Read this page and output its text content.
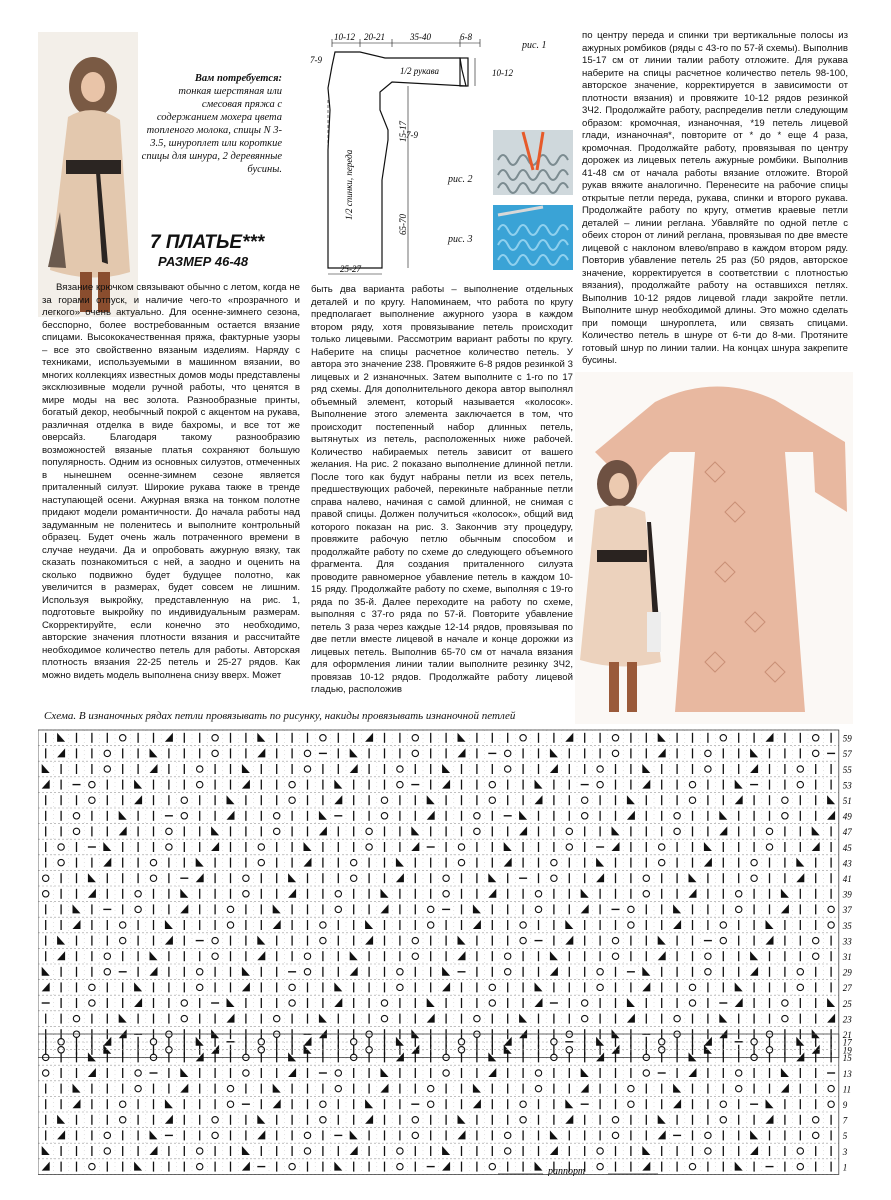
Вам потребуется:
тонкая шерстяная или смесовая пряжа с содержанием мохера цвета топленого молока, спицы N 3-3.5, шнуроплет или короткие спицы для шнура, 2 деревянные бусины.
7 ПЛАТЬЕ***
РАЗМЕР 46-48
10-12 20-21	35-40	6-8
7-9
10-12
1/2 рукава
15-17
7-9
65-70
1/2 спинки, переда
25-27
рис. 1
рис. 2
рис. 3

Вязание крючком связывают обычно с летом, когда не за горами отпуск, и наличие чего-то «прозрачного и легкого» очень актуально. Для осенне-зимнего сезона, бесспорно, более востребованным остается вязание спицами. Высококачественная пряжа, фактурные узоры – все это свойственно вязаным изделиям. Наряду с техниками, используемыми в машинном вязании, во многих коллекциях известных домов моды представлены эксклюзивные модели ручной работы, что ценятся в мире моды на вес золота. Разнообразные принты, богатый декор, необычный покрой с акцентом на рукава, различная отделка в виде бахромы, и все тот же оверсайз. Благодаря такому разнообразию возможностей вязаные платья сохраняют большую популярность. Одним из основных силуэтов, отмеченных в нынешнем осенне-зимнем сезоне является приталенный силуэт. Широкие рукава также в тренде наступающей осени. Ажурная вязка на тонком полотне придают модели романтичности. До начала работы над задуманным не поленитесь и выполните контрольный образец. Будет очень жаль потраченного времени в случае неудачи. Да и опробовать ажурную вязку, так сказать познакомиться с ней, а заодно и оценить на сколько подвижно будет будущее полотно, как увеличится в размерах, будет совсем не лишним. Используя выкройку, представленную на рис. 1, подготовьте выкройку по индивидуальным размерам. Скорректируйте, если конечно это необходимо, авторские значения плотности вязания и рассчитайте необходимое количество петель для работы. Авторская плотность вязания 22-25 петель и 25-27 рядов. Как можно видеть модель выполнена снизу вверх. Может

быть два варианта работы – выполнение отдельных деталей и по кругу. Напоминаем, что работа по кругу предполагает выполнение ажурного узора в каждом втором ряду, хотя провязывание петель происходит только лицевыми. Рассмотрим вариант работы по кругу. Наберите на спицы расчетное количество петель. У автора это значение 238. Провяжите 6-8 рядов резинкой 3 лицевых и 2 изнаночных. Затем выполните с 1-го по 17 ряд схемы. Для дополнительного декора автор выполнял объемный элемент, который называется «колосок». Выполнение этого элемента заключается в том, что происходит постепенный набор длинных петель, вытянутых из петель, расположенных ниже рабочей. Количество набираемых петель зависит от вашего желания. На рис. 2 показано выполнение длинной петли. После того как будут набраны петли из всех петель, предшествующих рабочей, перекиньте набранные петли справа налево, начиная с самой длинной, не снимая с правой спицы. Должен получиться «колосок», общий вид которого показан на рис. 3. Закончив эту процедуру, провяжите рабочую петлю обычным способом и продолжайте работу по схеме до следующего объемного фрагмента. Для создания приталенного силуэта проводите равномерное убавление петель в каждом 10-15 ряду. Продолжайте работу по схеме, выполняя с 19-го ряда по 35-й. Далее переходите на работу по схеме, выполняя с 37-го ряда по 57-й. Повторите убавление петель 3 раза через каждые 12-14 рядов, провязывая по две петли вместе лицевой в начале и конце дорожки из лицевых петель. Выполнив 65-70 см от начала вязания для оформления линии талии выполните резинку 3Ч2, провязав 10-12 рядов. Продолжайте работу лицевой гладью, расположив

по центру переда и спинки три вертикальные полосы из ажурных ромбиков (ряды с 43-го по 57-й схемы). Выполнив 15-17 см от линии талии работу отложите. Для рукава наберите на спицы расчетное количество петель 98-100, авторское значение, корректируется в зависимости от плотности вязания) и провяжите 10-12 рядов резинкой 3Ч2. Продолжайте работу, распределив петли следующим образом: кромочная, изнаночная, *19 петель лицевой глади, изнаночная*, повторите от * до * еще 4 раза, кромочная. Продолжайте работу, провязывая по центру дорожек из лицевых петель ажурные ромбики. Выполнив 41-48 см от начала работы вязание отложите. Второй рукав вяжите аналогично. Перенесите на рабочие спицы открытые петли переда, рукава, спинки и второго рукава. Продолжайте работу по кругу, отметив краевые петли деталей – линии реглана. Убавляйте по одной петле с обеих сторон от линий реглана, провязывая по две вместе лицевой с наклоном влево/вправо в каждом втором ряду. Повторив убавление петель 25 раз (50 рядов, авторское значение, корректируется в соответствии с плотностью вязания), продолжайте работу на оставшихся петлях. Выполнив 10-12 рядов лицевой глади закройте петли. Выполните шнур необходимой длины. Это можно сделать при помощи шнуроплета, или связать спицами. Количество петель в шнуре от 6-ти до 8-ми. Протяните готовый шнур по линии талии. На концах шнура закрепите бусины.

Схема. В изнаночных рядах петли провязывать по рисунку, накиды провязывать изнаночной петлей
59
57
55
53
51
49
47
45
43
41
39
37
35
33
31
29
27
25
23
21
19
17
15
13
11
9
7
5
3
1
раппорт
